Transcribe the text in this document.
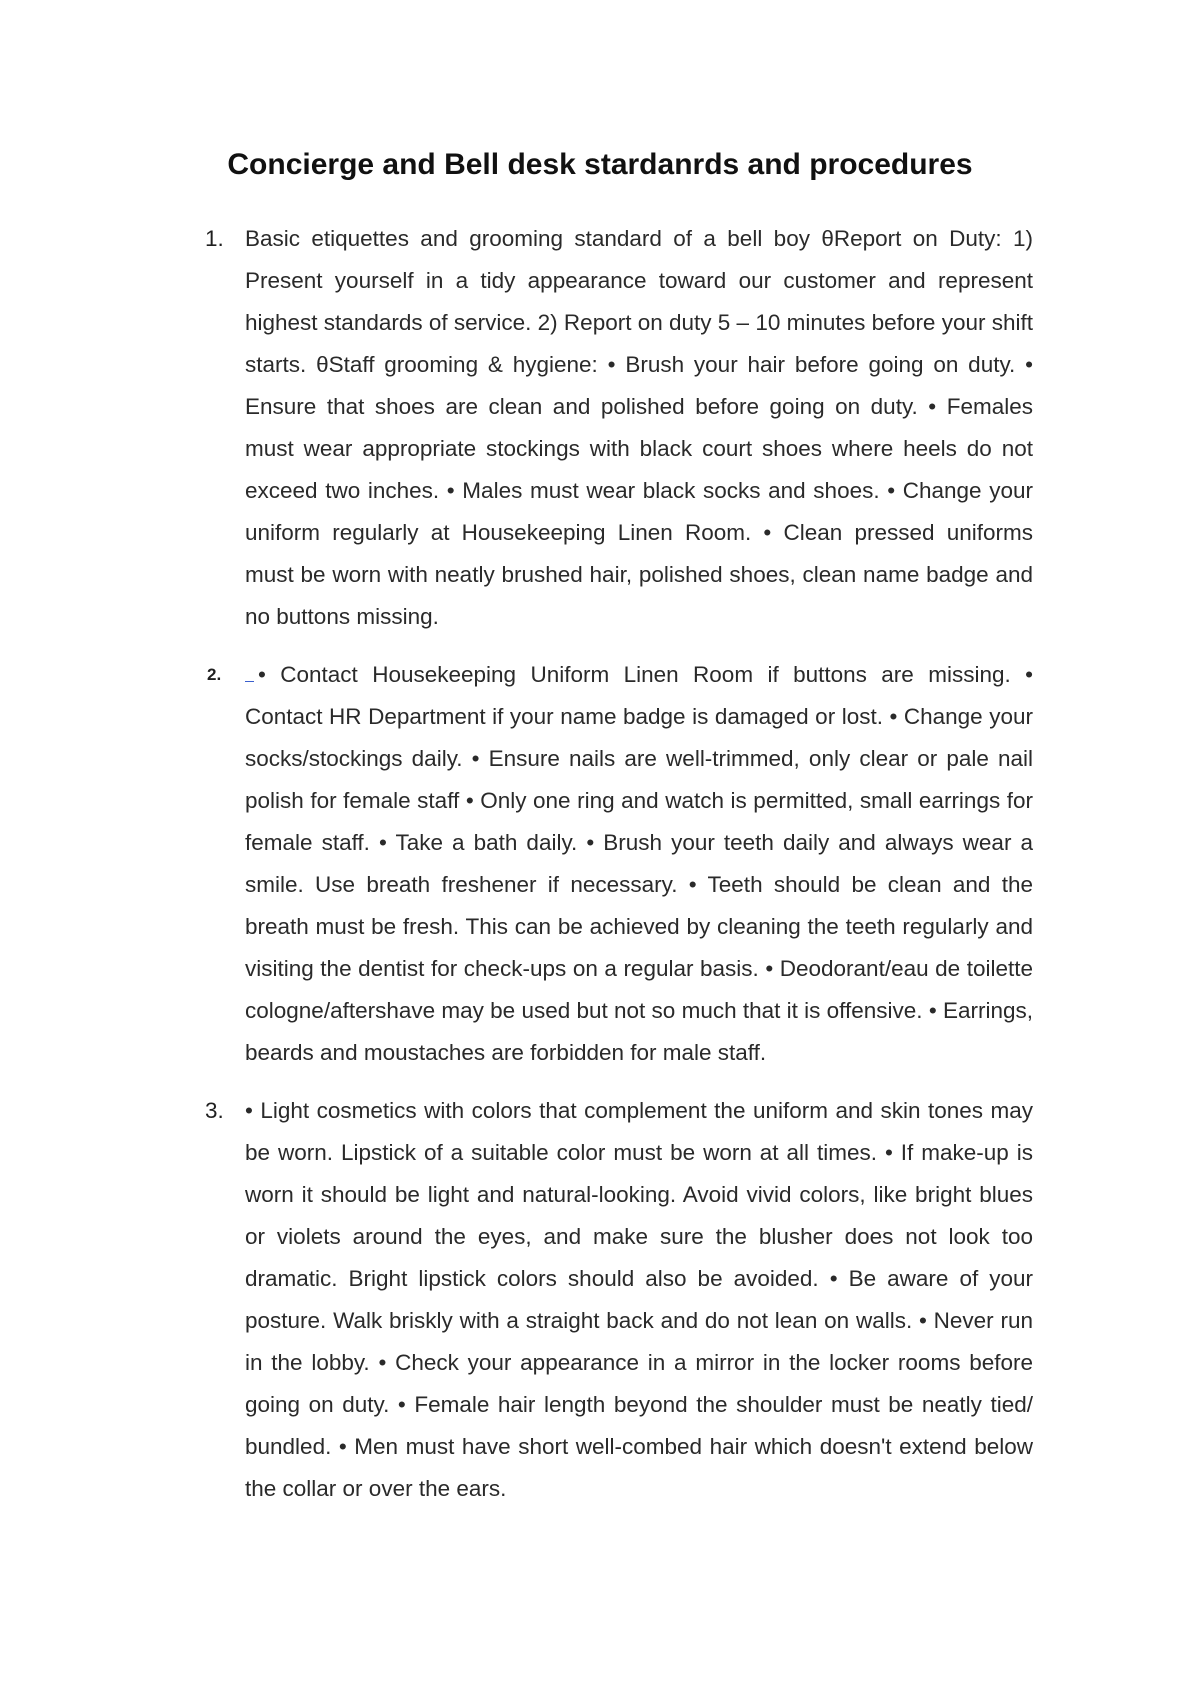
Concierge and Bell desk stardanrds and procedures
1. Basic etiquettes and grooming standard of a bell boy θReport on Duty: 1) Present yourself in a tidy appearance toward our customer and represent highest standards of service. 2) Report on duty 5 – 10 minutes before your shift starts. θStaff grooming & hygiene: • Brush your hair before going on duty. • Ensure that shoes are clean and polished before going on duty. • Females must wear appropriate stockings with black court shoes where heels do not exceed two inches. • Males must wear black socks and shoes. • Change your uniform regularly at Housekeeping Linen Room. • Clean pressed uniforms must be worn with neatly brushed hair, polished shoes, clean name badge and no buttons missing.

2.	• Contact Housekeeping Uniform Linen Room if buttons are missing. • Contact HR Department if your name badge is damaged or lost. • Change your socks/stockings daily. • Ensure nails are well-trimmed, only clear or pale nail polish for female staff • Only one ring and watch is permitted, small earrings for female staff. • Take a bath daily. • Brush your teeth daily and always wear a smile. Use breath freshener if necessary. • Teeth should be clean and the breath must be fresh. This can be achieved by cleaning the teeth regularly and visiting the dentist for check-ups on a regular basis. • Deodorant/eau de toilette cologne/aftershave may be used but not so much that it is offensive. • Earrings, beards and moustaches are forbidden for male staff.

3. • Light cosmetics with colors that complement the uniform and skin tones may be worn. Lipstick of a suitable color must be worn at all times. • If make-up is worn it should be light and natural-looking. Avoid vivid colors, like bright blues or violets around the eyes, and make sure the blusher does not look too dramatic. Bright lipstick colors should also be avoided. • Be aware of your posture. Walk briskly with a straight back and do not lean on walls. • Never run in the lobby. • Check your appearance in a mirror in the locker rooms before going on duty. • Female hair length beyond the shoulder must be neatly tied/ bundled. • Men must have short well-combed hair which doesn't extend below the collar or over the ears.
